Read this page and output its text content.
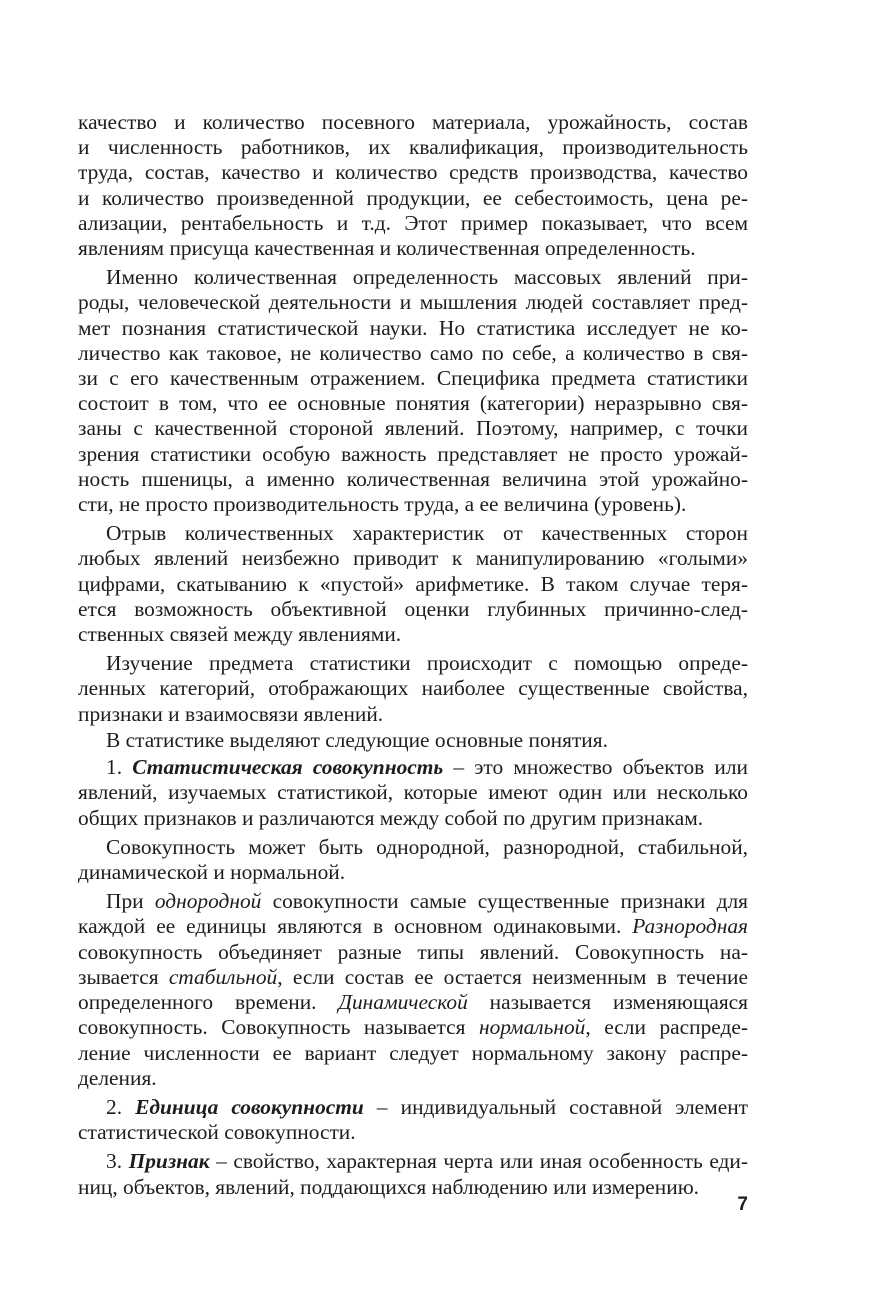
качество и количество посевного материала, урожайность, состав
и численность работников, их квалификация, производительность
труда, состав, качество и количество средств производства, качество
и количество произведенной продукции, ее себестоимость, цена ре-
ализации, рентабельность и т.д. Этот пример показывает, что всем
явлениям присуща качественная и количественная определенность.

Именно количественная определенность массовых явлений при-
роды, человеческой деятельности и мышления людей составляет пред-
мет познания статистической науки. Но статистика исследует не ко-
личество как таковое, не количество само по себе, а количество в свя-
зи с его качественным отражением. Специфика предмета статистики
состоит в том, что ее основные понятия (категории) неразрывно свя-
заны с качественной стороной явлений. Поэтому, например, с точки
зрения статистики особую важность представляет не просто урожай-
ность пшеницы, а именно количественная величина этой урожайно-
сти, не просто производительность труда, а ее величина (уровень).

Отрыв количественных характеристик от качественных сторон
любых явлений неизбежно приводит к манипулированию «голыми»
цифрами, скатыванию к «пустой» арифметике. В таком случае теря-
ется возможность объективной оценки глубинных причинно-след-
ственных связей между явлениями.

Изучение предмета статистики происходит с помощью опреде-
ленных категорий, отображающих наиболее существенные свойства,
признаки и взаимосвязи явлений.

В статистике выделяют следующие основные понятия.

1. Статистическая совокупность – это множество объектов или
явлений, изучаемых статистикой, которые имеют один или несколько
общих признаков и различаются между собой по другим признакам.

Совокупность может быть однородной, разнородной, стабильной,
динамической и нормальной.

При однородной совокупности самые существенные признаки для
каждой ее единицы являются в основном одинаковыми. Разнородная
совокупность объединяет разные типы явлений. Совокупность на-
зывается стабильной, если состав ее остается неизменным в течение
определенного времени. Динамической называется изменяющаяся
совокупность. Совокупность называется нормальной, если распреде-
ление численности ее вариант следует нормальному закону распре-
деления.

2. Единица совокупности – индивидуальный составной элемент
статистической совокупности.

3. Признак – свойство, характерная черта или иная особенность еди-
ниц, объектов, явлений, поддающихся наблюдению или измерению.

7
